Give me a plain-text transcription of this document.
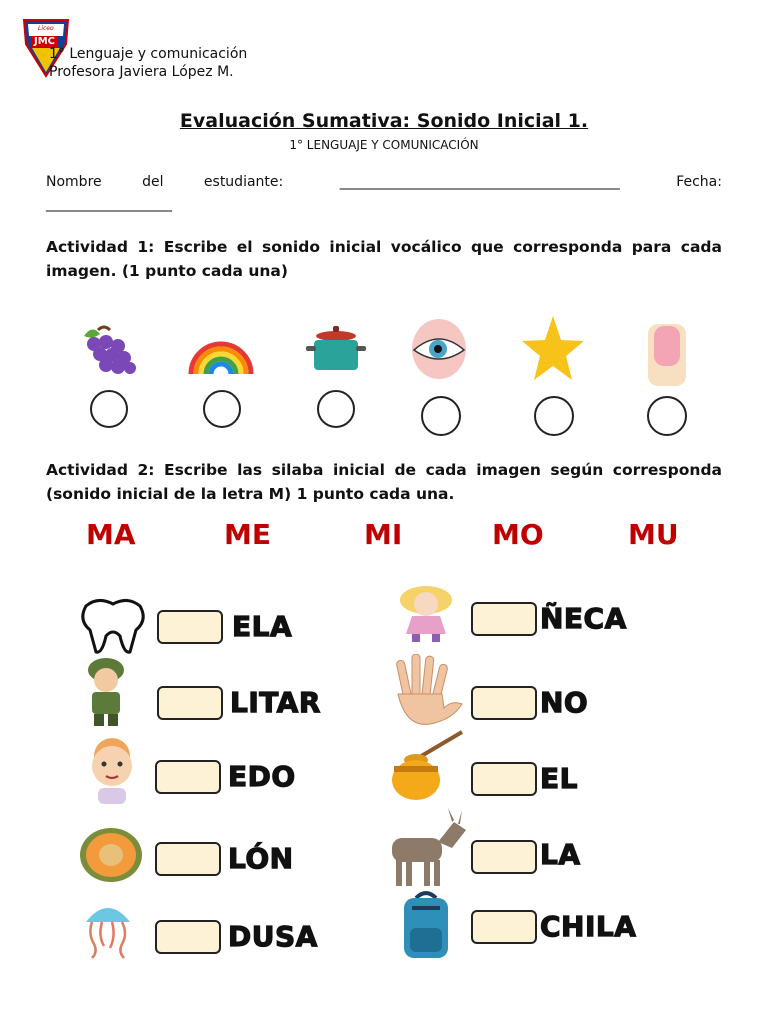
Liceo
JMC
1° Lenguaje y comunicación
Profesora Javiera López M.
Evaluación Sumativa: Sonido Inicial 1.
1° LENGUAJE Y COMUNICACIÓN
Nombre del estudiante:	________________________________________	Fecha:
__________________
Actividad 1: Escribe el sonido inicial vocálico que corresponda para cada imagen. (1 punto cada una)
Actividad 2: Escribe las silaba inicial de cada imagen según corresponda (sonido inicial de la letra M) 1 punto cada una.
MA	ME	MI	MO	MU
ELA
LITAR
EDO
LÓN
DUSA
ÑECA
NO
EL
LA
CHILA
